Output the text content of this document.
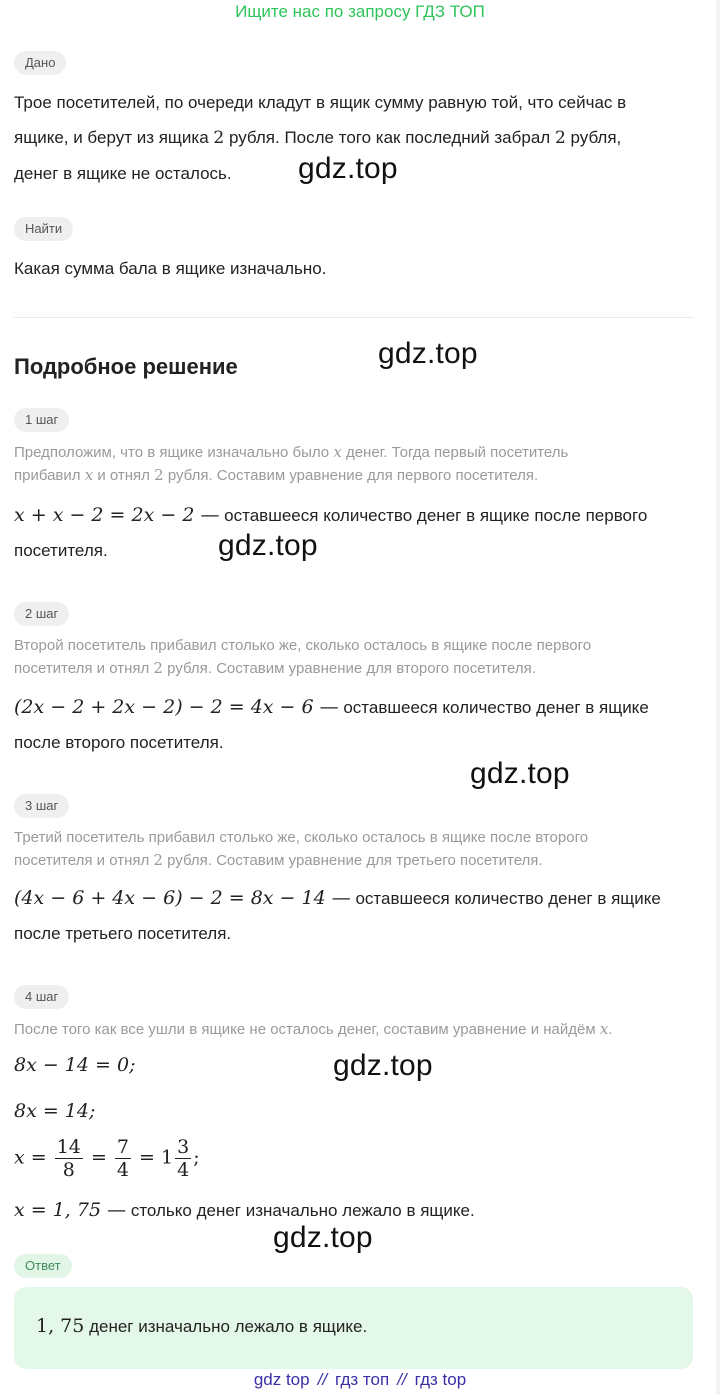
Ищите нас по запросу ГДЗ ТОП
Дано
Трое посетителей, по очереди кладут в ящик сумму равную той, что сейчас в
ящике, и берут из ящика 2 рубля. После того как последний забрал 2 рубля,
денег в ящике не осталось.	gdz.top
Найти
Какая сумма бала в ящике изначально.
Подробное решение	gdz.top
1 шаг
Предположим, что в ящике изначально было x денег. Тогда первый посетитель
прибавил x и отнял 2 рубля. Составим уравнение для первого посетителя.
x + x − 2 = 2x − 2 — оставшееся количество денег в ящике после первого
посетителя.	gdz.top
2 шаг
Второй посетитель прибавил столько же, сколько осталось в ящике после первого
посетителя и отнял 2 рубля. Составим уравнение для второго посетителя.
(2x − 2 + 2x − 2) − 2 = 4x − 6 — оставшееся количество денег в ящике
после второго посетителя.
gdz.top
3 шаг
Третий посетитель прибавил столько же, сколько осталось в ящике после второго
посетителя и отнял 2 рубля. Составим уравнение для третьего посетителя.
(4x − 6 + 4x − 6) − 2 = 8x − 14 — оставшееся количество денег в ящике
после третьего посетителя.
4 шаг
После того как все ушли в ящике не осталось денег, составим уравнение и найдём x.
8x − 14 = 0;	gdz.top
8x = 14;
$x = \frac{14}{8} = \frac{7}{4} = 1 \frac{3}{4}$ ;
x = 1, 75 — столько денег изначально лежало в ящике.
gdz.top
Ответ
1, 75 денег изначально лежало в ящике.
gdz top // гдз топ // гдз top
